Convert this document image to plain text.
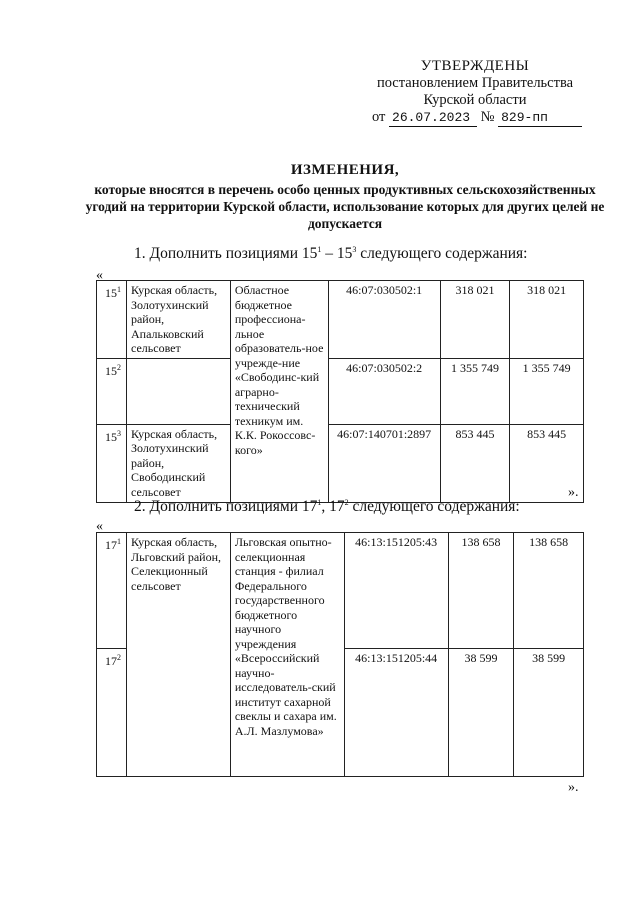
УТВЕРЖДЕНЫ
постановлением Правительства
Курской области
от 26.07.2023 № 829-пп
ИЗМЕНЕНИЯ,
которые вносятся в перечень особо ценных продуктивных сельскохозяйственных угодий на территории Курской области, использование которых для других целей не допускается
1. Дополнить позициями $15^1 - 15^3$ следующего содержания:
«
$15^1$	Курская область, Золотухинский район, Апальковский сельсовет	Областное бюджетное профессиона-льное образователь-ное учрежде-ние «Свободинс-кий аграрно-технический техникум им. К.К. Рокоссовс-кого»	46:07:030502:1	318 021	318 021
$15^2$			46:07:030502:2	1 355 749	1 355 749
$15^3$	Курская область, Золотухинский район, Свободинский сельсовет		46:07:140701:2897	853 445	853 445
».
2. Дополнить позициями $17^1$, $17^2$ следующего содержания:
«
$17^1$	Курская область, Льговский район, Селекционный сельсовет	Льговская опытно-селекционная станция - филиал Федерального государственного бюджетного научного учреждения «Всероссийский научно-исследователь-ский институт сахарной свеклы и сахара им. А.Л. Мазлумова»	46:13:151205:43	138 658	138 658
$17^2$			46:13:151205:44	38 599	38 599
».
